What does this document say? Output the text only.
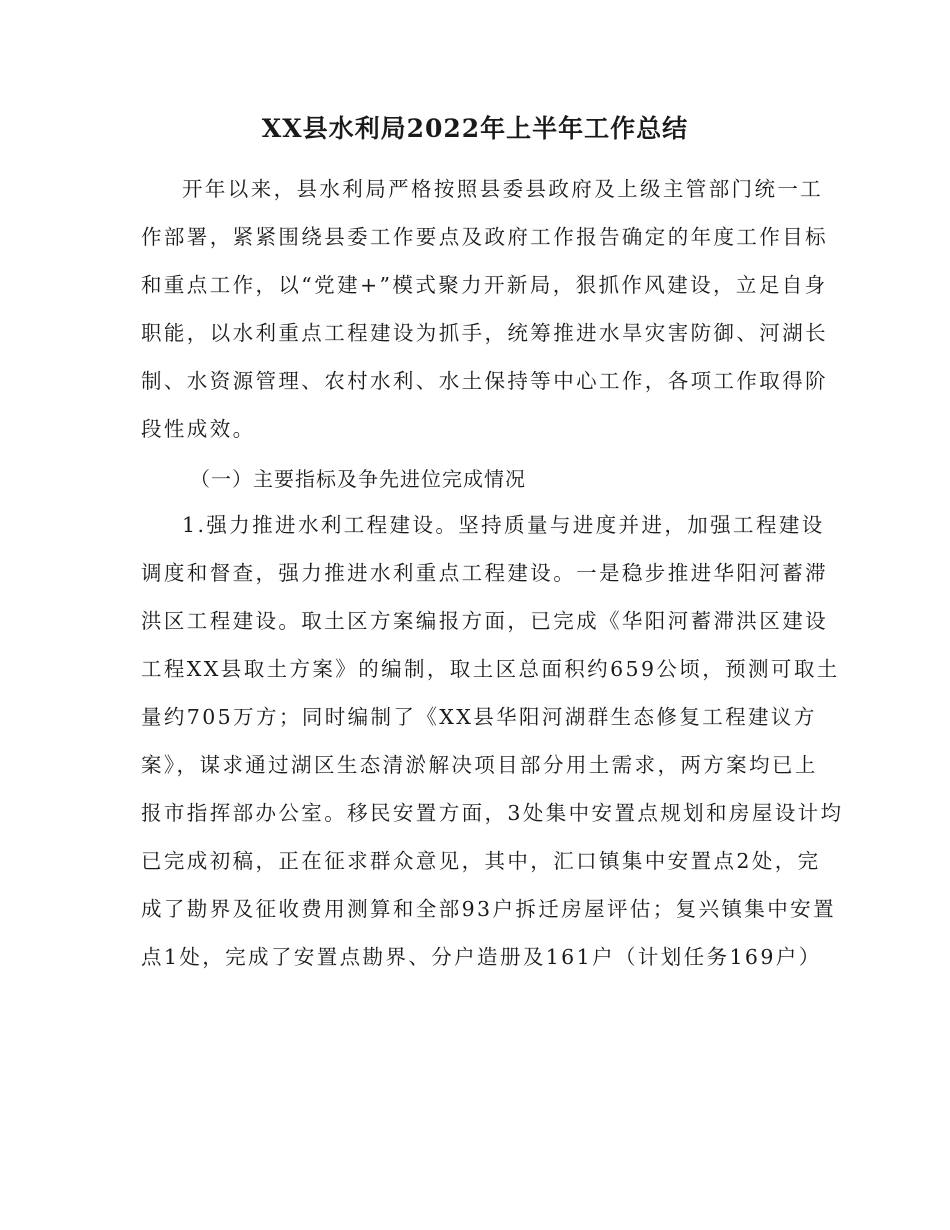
XX县水利局2022年上半年工作总结
开年以来，县水利局严格按照县委县政府及上级主管部门统一工
作部署，紧紧围绕县委工作要点及政府工作报告确定的年度工作目标
和重点工作，以“党建+”模式聚力开新局，狠抓作风建设，立足自身
职能，以水利重点工程建设为抓手，统筹推进水旱灾害防御、河湖长
制、水资源管理、农村水利、水土保持等中心工作，各项工作取得阶
段性成效。
（一）主要指标及争先进位完成情况
1.强力推进水利工程建设。坚持质量与进度并进，加强工程建设
调度和督查，强力推进水利重点工程建设。一是稳步推进华阳河蓄滞
洪区工程建设。取土区方案编报方面，已完成《华阳河蓄滞洪区建设
工程XX县取土方案》的编制，取土区总面积约659公顷，预测可取土
量约705万方；同时编制了《XX县华阳河湖群生态修复工程建议方
案》，谋求通过湖区生态清淤解决项目部分用土需求，两方案均已上
报市指挥部办公室。移民安置方面，3处集中安置点规划和房屋设计均
已完成初稿，正在征求群众意见，其中，汇口镇集中安置点2处，完
成了勘界及征收费用测算和全部93户拆迁房屋评估；复兴镇集中安置
点1处，完成了安置点勘界、分户造册及161户（计划任务169户）
